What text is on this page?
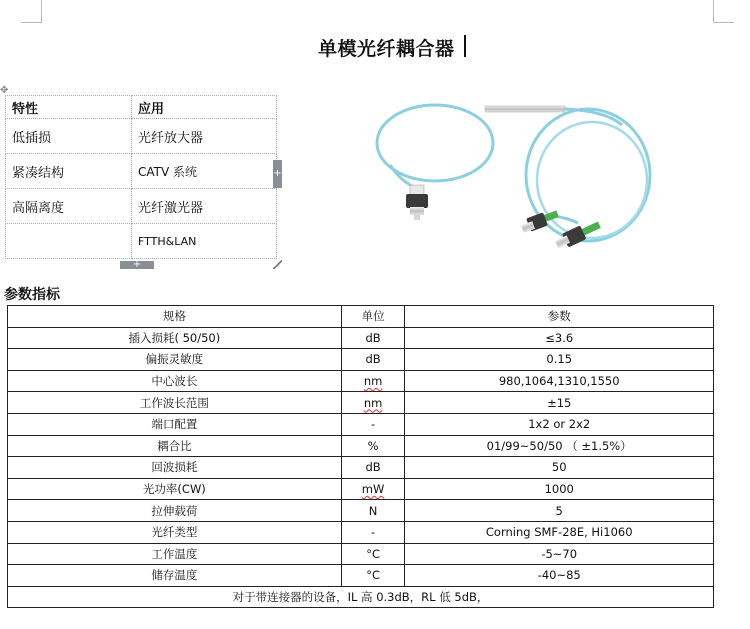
单模光纤耦合器
✥
特性	应用
低插损	光纤放大器
紧凑结构	CATV 系统
高隔离度	光纤激光器
	FTTH&LAN
+
+
参数指标
规格	单位	参数
插入损耗( 50/50)	dB	≤3.6
偏振灵敏度	dB	0.15
中心波长	nm	980,1064,1310,1550
工作波长范围	nm	±15
端口配置	-	1x2 or 2x2
耦合比	%	01/99~50/50 （ ±1.5%）
回波损耗	dB	50
光功率(CW)	mW	1000
拉伸载荷	N	5
光纤类型	-	Corning SMF-28E, Hi1060
工作温度	°C	-5~70
储存温度	°C	-40~85
对于带连接器的设备，IL 高 0.3dB，RL 低 5dB，		
